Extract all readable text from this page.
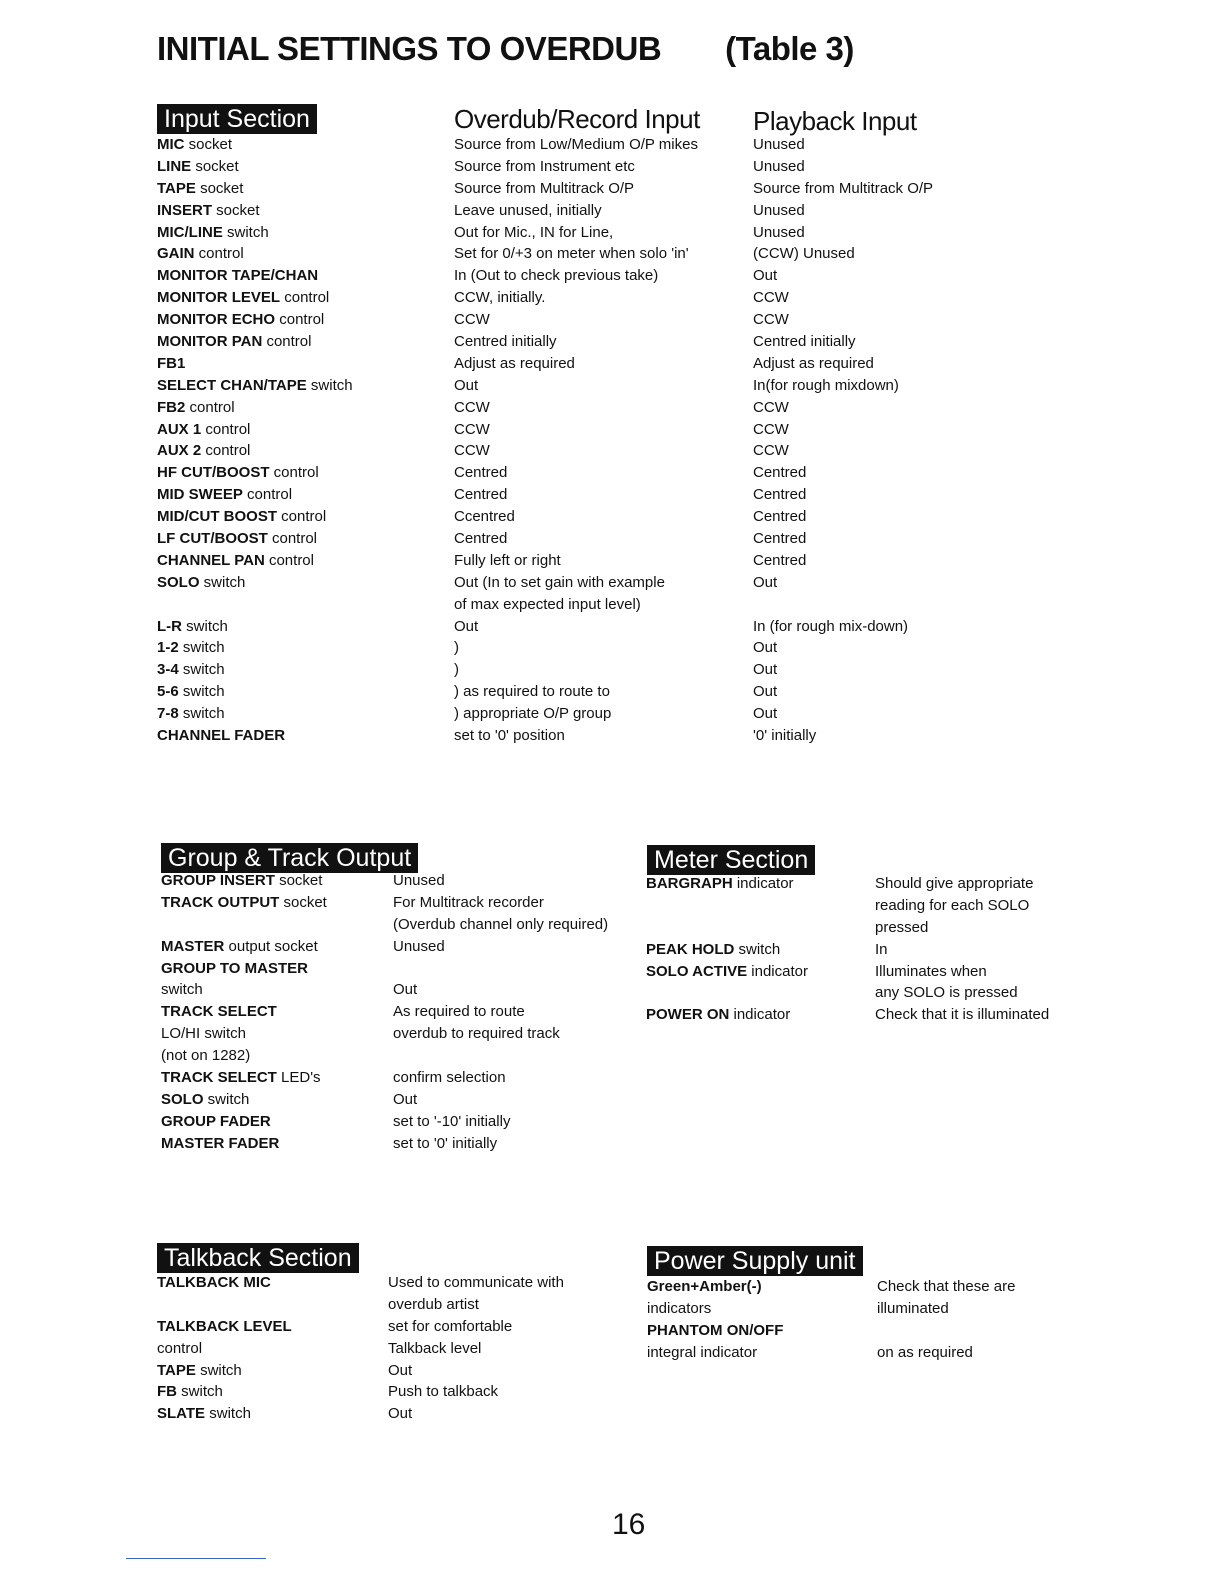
INITIAL SETTINGS TO OVERDUB (Table 3)
Input Section	Overdub/Record Input Playback Input
MIC socket
LINE socket
TAPE socket
INSERT socket
MIC/LINE switch
GAIN control
MONITOR TAPE/CHAN
MONITOR LEVEL control
MONITOR ECHO control
MONITOR PAN control
FB1
SELECT CHAN/TAPE switch
FB2 control
AUX 1 control
AUX 2 control
HF CUT/BOOST control
MID SWEEP control
MID/CUT BOOST control
LF CUT/BOOST control
CHANNEL PAN control
SOLO switch
L-R switch
1-2 switch
3-4 switch
5-6 switch
7-8 switch
CHANNEL FADER
Source from Low/Medium O/P mikes
Source from Instrument etc
Source from Multitrack O/P
Leave unused, initially
Out for Mic., IN for Line,
Set for 0/+3 on meter when solo 'in'
In (Out to check previous take)
CCW, initially.
CCW
Centred initially
Adjust as required
Out
CCW
CCW
CCW
Centred
Centred
Ccentred
Centred
Fully left or right
Out (In to set gain with example
of max expected input level)
Out
)
)
) as required to route to
) appropriate O/P group
set to '0' position
Unused
Unused
Source from Multitrack O/P
Unused
Unused
(CCW) Unused
Out
CCW
CCW
Centred initially
Adjust as required
In(for rough mixdown)
CCW
CCW
CCW
Centred
Centred
Centred
Centred
Centred
Out
In (for rough mix-down)
Out
Out
Out
Out
'0' initially
Group & Track Output
GROUP INSERT socket
TRACK OUTPUT socket
MASTER output socket
GROUP TO MASTER
switch
TRACK SELECT
LO/HI switch
(not on 1282)
TRACK SELECT LED's
SOLO switch
GROUP FADER
MASTER FADER
Unused
For Multitrack recorder
(Overdub channel only required)
Unused
Out
As required to route
overdub to required track
confirm selection
Out
set to '-10' initially
set to '0' initially
Meter Section
BARGRAPH indicator
PEAK HOLD switch
SOLO ACTIVE indicator
POWER ON indicator
Should give appropriate
reading for each SOLO
pressed
In
Illuminates when
any SOLO is pressed
Check that it is illuminated
Talkback Section
TALKBACK MIC
TALKBACK LEVEL
control
TAPE switch
FB switch
SLATE switch
Used to communicate with
overdub artist
set for comfortable
Talkback level
Out
Push to talkback
Out
Power Supply unit
Green+Amber(-)
indicators
PHANTOM ON/OFF
integral indicator
Check that these are
illuminated
on as required
16
